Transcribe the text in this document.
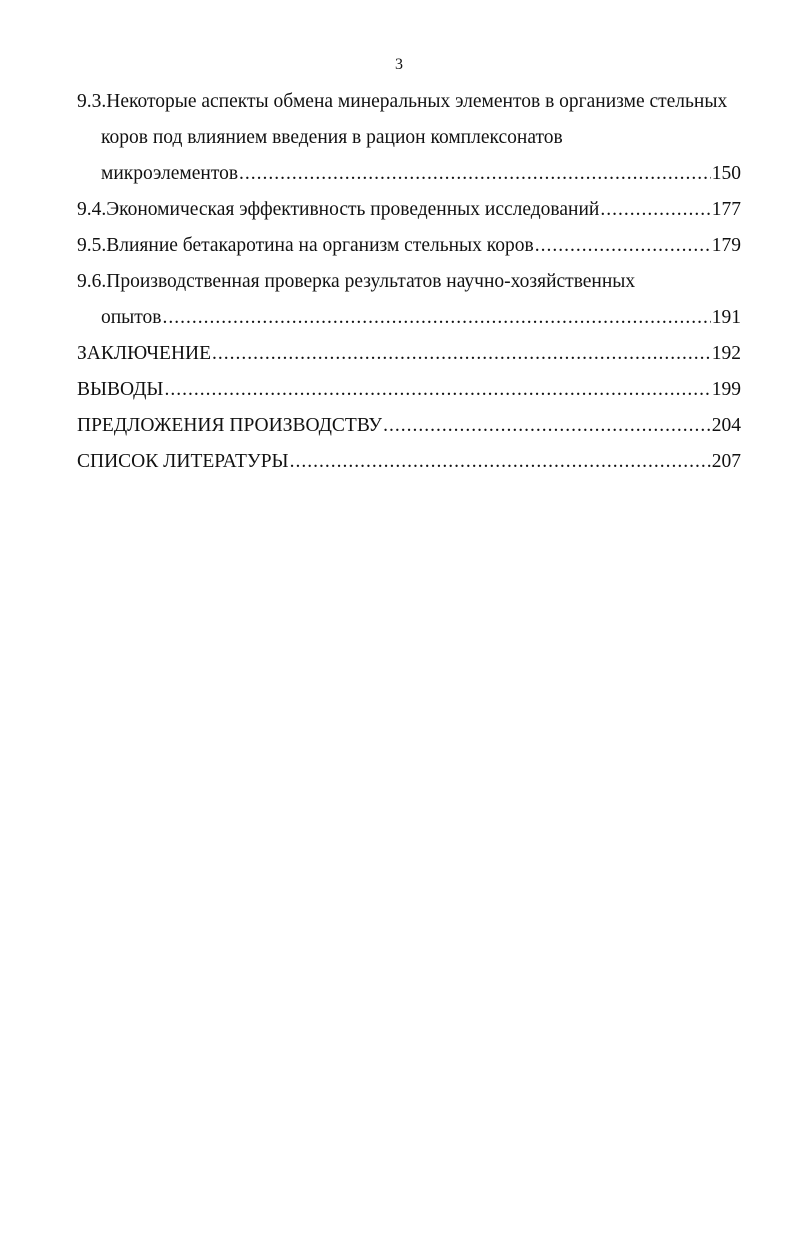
3
9.3.Некоторые аспекты обмена минеральных элементов в организме стельных
коров под влиянием введения в рацион комплексонатов
микроэлементов .....	150
9.4.Экономическая эффективность проведенных исследований .....	177
9.5.Влияние бетакаротина на организм стельных коров .....	179
9.6.Производственная проверка результатов научно-хозяйственных
опытов .....	191
ЗАКЛЮЧЕНИЕ .....	192
ВЫВОДЫ .....	199
ПРЕДЛОЖЕНИЯ ПРОИЗВОДСТВУ .....	204
СПИСОК ЛИТЕРАТУРЫ .....	207
